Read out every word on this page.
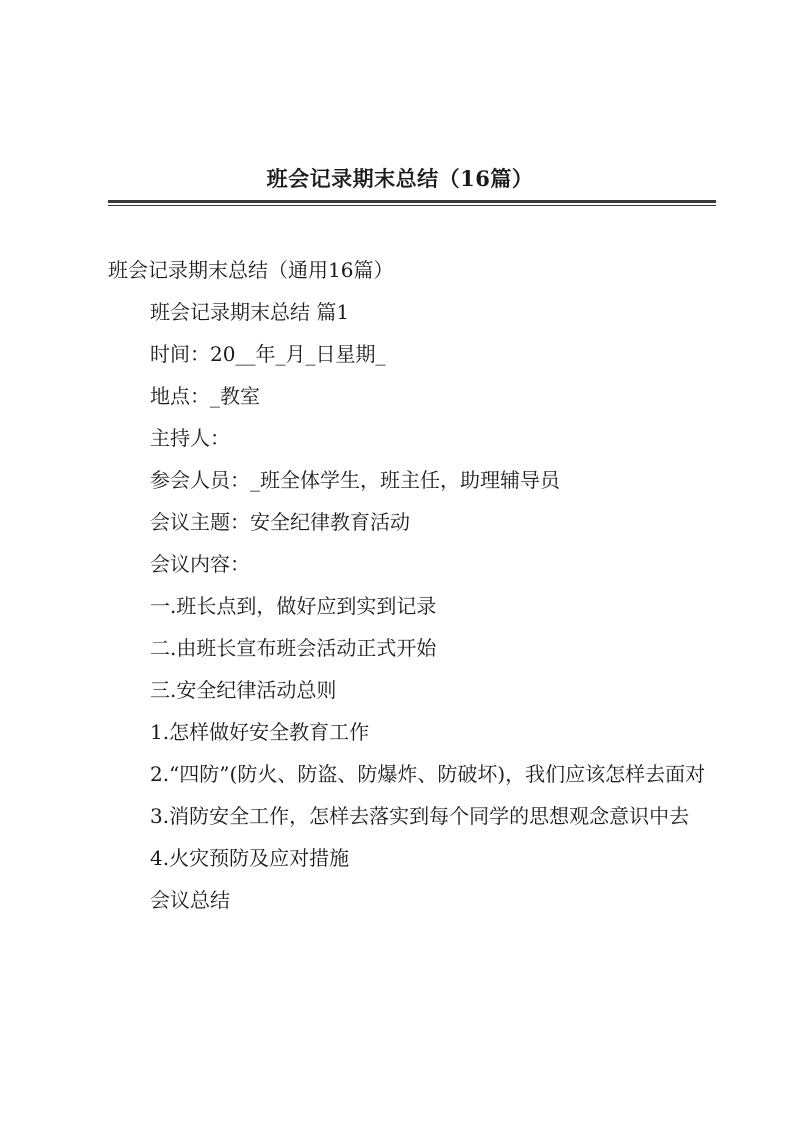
班会记录期末总结（16篇）

班会记录期末总结（通用16篇）

班会记录期末总结 篇1

时间：20__年_月_日星期_

地点：_教室

主持人：

参会人员：_班全体学生，班主任，助理辅导员

会议主题：安全纪律教育活动

会议内容：

一.班长点到，做好应到实到记录

二.由班长宣布班会活动正式开始

三.安全纪律活动总则

1.怎样做好安全教育工作

2.“四防”(防火、防盗、防爆炸、防破坏)，我们应该怎样去面对

3.消防安全工作，怎样去落实到每个同学的思想观念意识中去

4.火灾预防及应对措施

会议总结
